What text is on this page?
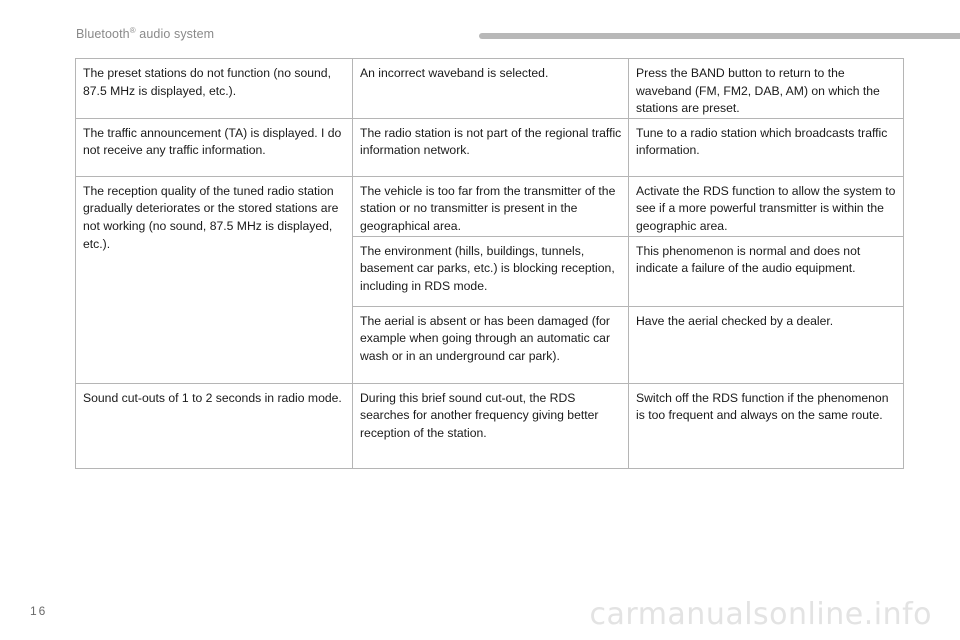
Bluetooth® audio system
The preset stations do not function (no sound, 87.5 MHz is displayed, etc.).	An incorrect waveband is selected.	Press the BAND button to return to the waveband (FM, FM2, DAB, AM) on which the stations are preset.
The traffic announcement (TA) is displayed. I do not receive any traffic information.	The radio station is not part of the regional traffic information network.	Tune to a radio station which broadcasts traffic information.
The reception quality of the tuned radio station gradually deteriorates or the stored stations are not working (no sound, 87.5 MHz is displayed, etc.).	The vehicle is too far from the transmitter of the station or no transmitter is present in the geographical area.	Activate the RDS function to allow the system to see if a more powerful transmitter is within the geographic area.
	The environment (hills, buildings, tunnels, basement car parks, etc.) is blocking reception, including in RDS mode.	This phenomenon is normal and does not indicate a failure of the audio equipment.
	The aerial is absent or has been damaged (for example when going through an automatic car wash or in an underground car park).	Have the aerial checked by a dealer.
Sound cut-outs of 1 to 2 seconds in radio mode.	During this brief sound cut-out, the RDS searches for another frequency giving better reception of the station.	Switch off the RDS function if the phenomenon is too frequent and always on the same route.
16	carmanualsonline.info
